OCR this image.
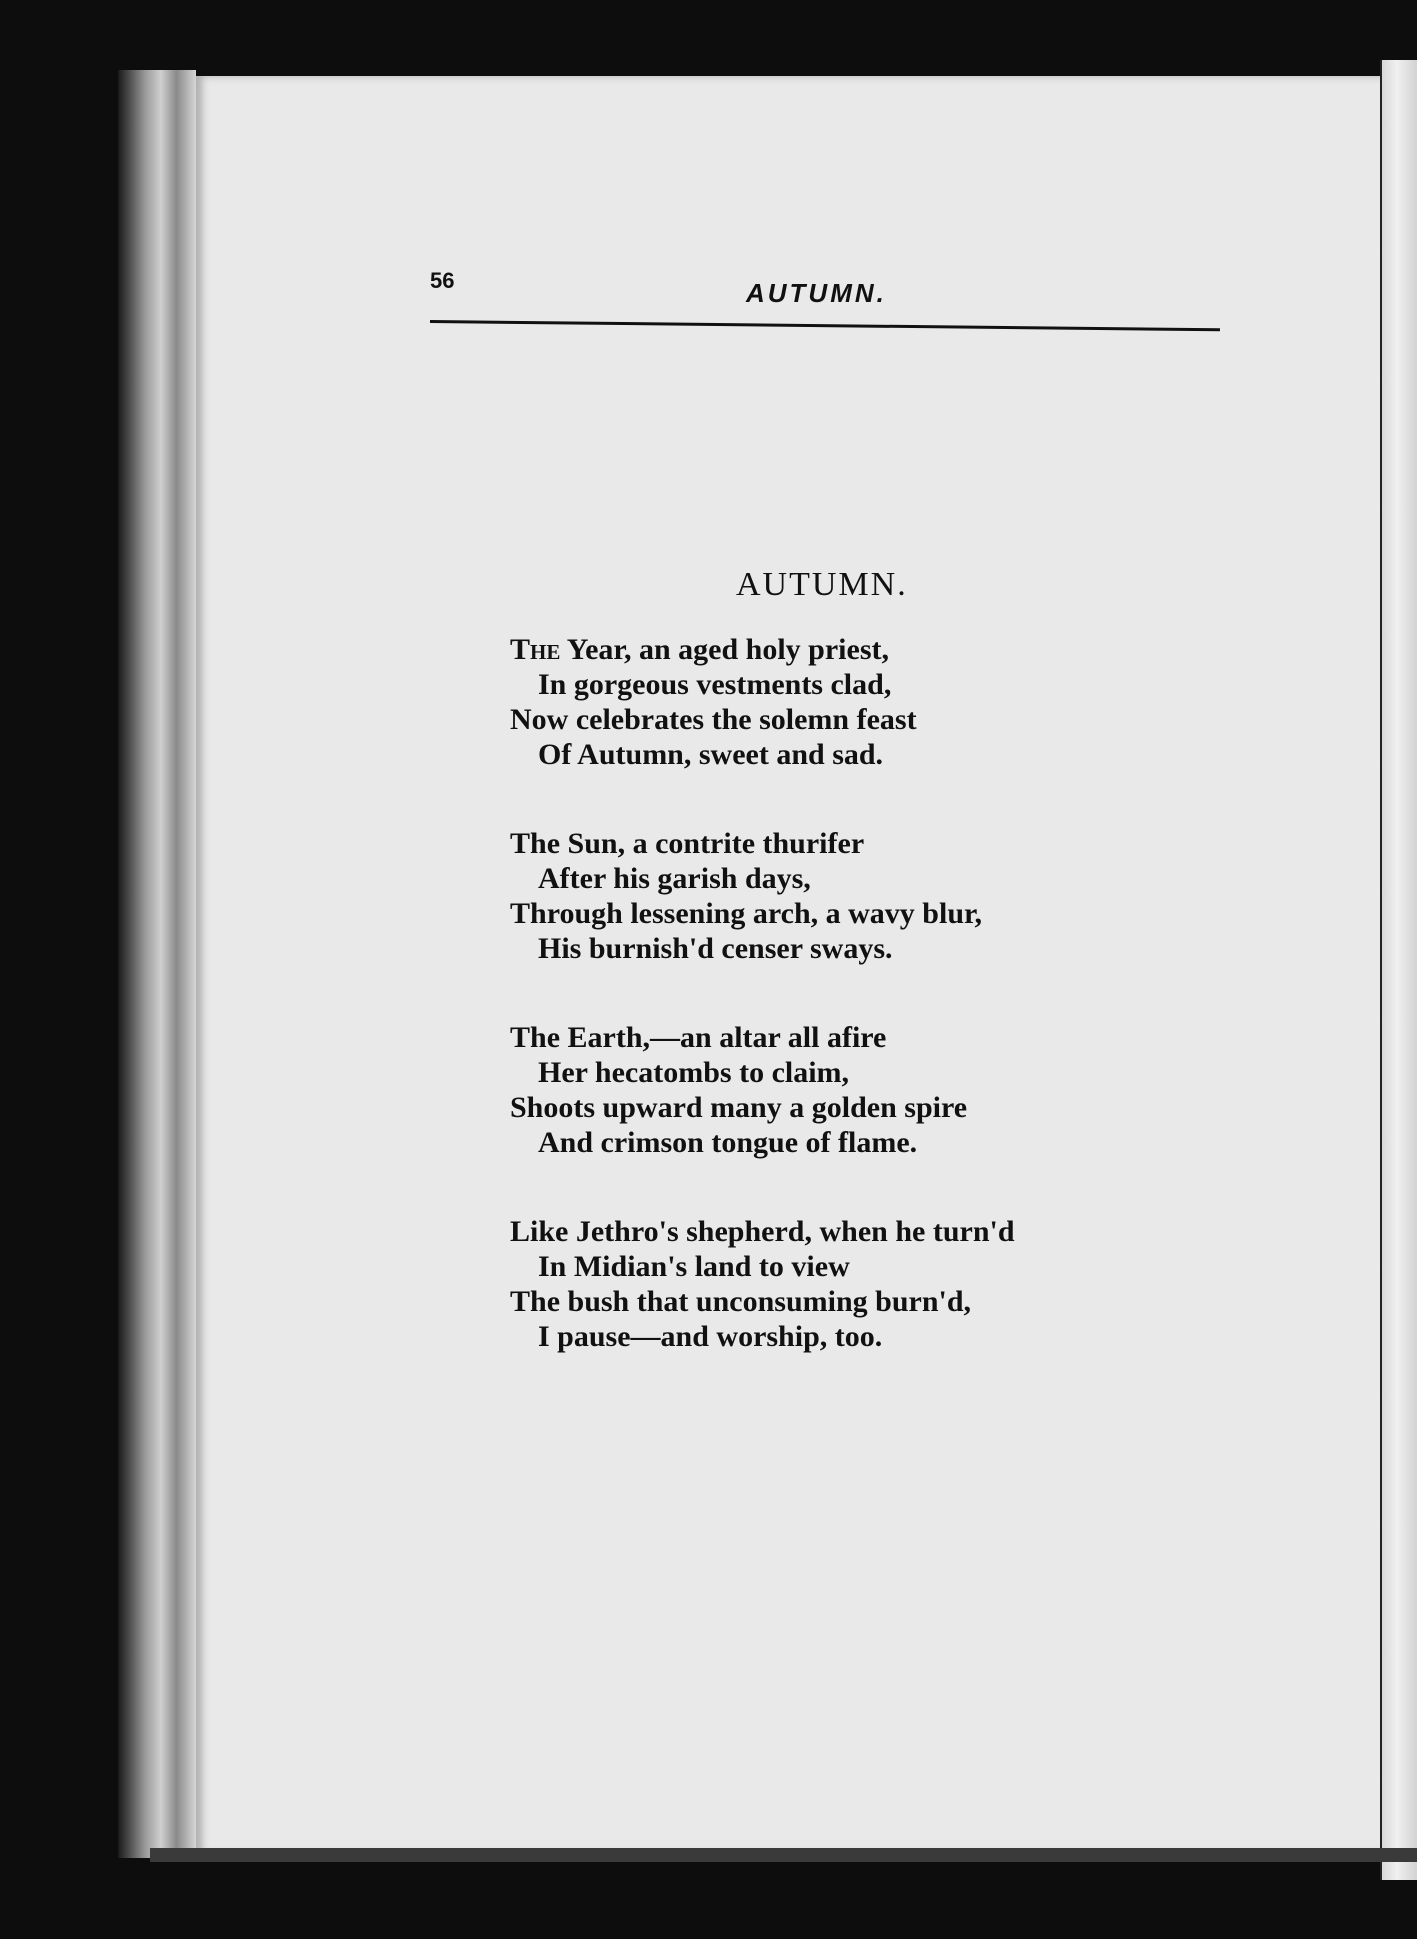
56	AUTUMN.
AUTUMN.
The Year, an aged holy priest,
In gorgeous vestments clad,
Now celebrates the solemn feast
Of Autumn, sweet and sad.
The Sun, a contrite thurifer
After his garish days,
Through lessening arch, a wavy blur,
His burnish'd censer sways.
The Earth,—an altar all afire
Her hecatombs to claim,
Shoots upward many a golden spire
And crimson tongue of flame.
Like Jethro's shepherd, when he turn'd
In Midian's land to view
The bush that unconsuming burn'd,
I pause—and worship, too.
